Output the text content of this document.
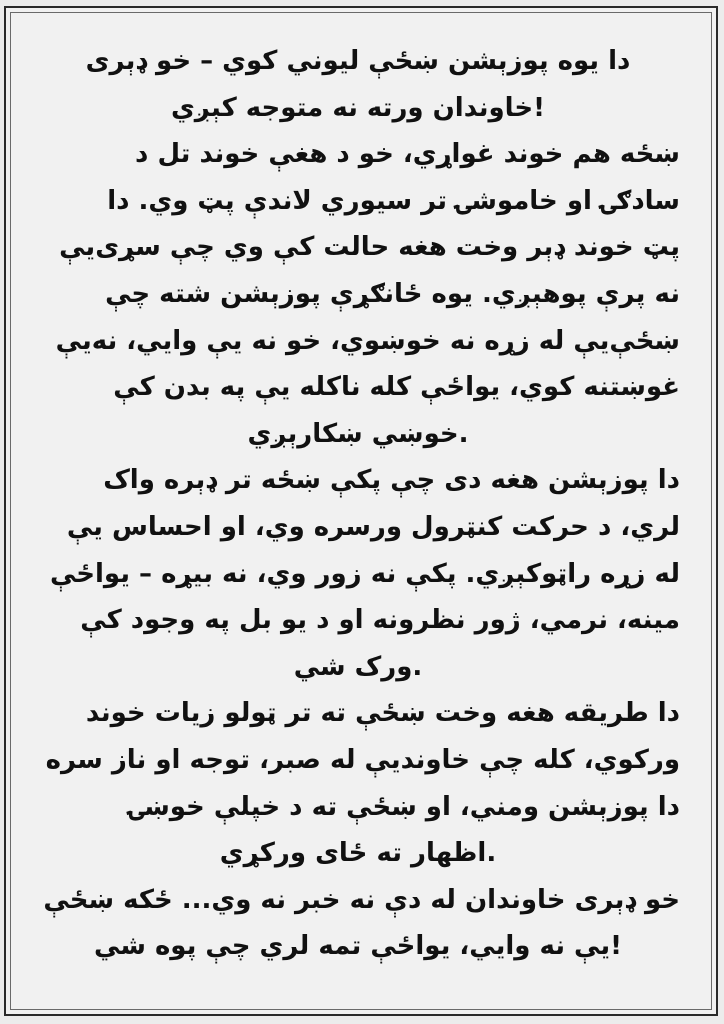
دا یوه پوزېشن ښځې لیوني کوي – خو ډېری
!خاوندان ورته نه متوجه کېږي
ښځه هم خوند غواړي، خو د هغې خوند تل د
سادګۍ او خاموشۍ تر سیوري لاندې پټ وي. دا
پټ خوند ډېر وخت هغه حالت کې وي چې سړی‌یې
نه پرې پوهېږي. یوه ځانګړې پوزېشن شته چې
ښځې‌یې له زړه نه خوښوي، خو نه یې وایي، نه‌یې
غوښتنه کوي، یواځې کله ناکله یې په بدن کې
.خوښي ښکارېږي
دا پوزېشن هغه دی چې پکې ښځه تر ډېره واک
لري، د حرکت کنټرول ورسره وي، او احساس یې
له زړه راټوکېږي. پکې نه زور وي، نه بیړه – یواځې
مینه، نرمي، ژور نظرونه او د یو بل په وجود کې
.ورک شي
دا طریقه هغه وخت ښځې ته تر ټولو زیات خوند
ورکوي، کله چې خاوندیې له صبر، توجه او ناز سره
دا پوزېشن ومني، او ښځې ته د خپلې خوښۍ
.اظهار ته ځای ورکړي
خو ډېری خاوندان له دې نه خبر نه وي... ځکه ښځې
!یې نه وایي، یواځې تمه لري چې پوه شي
